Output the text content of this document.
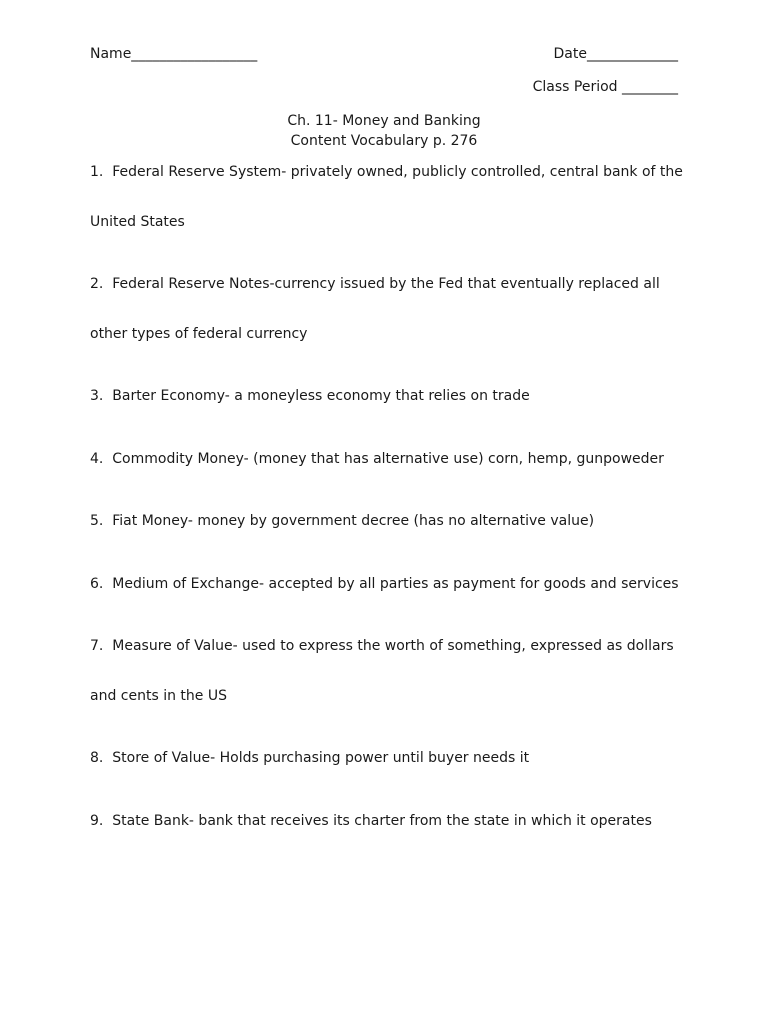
Name__________________	Date_____________
Class Period ________
Ch. 11- Money and Banking
Content Vocabulary p. 276
1.  Federal Reserve System- privately owned, publicly controlled, central bank of the
United States
2.  Federal Reserve Notes-currency issued by the Fed that eventually replaced all
other types of federal currency
3.  Barter Economy- a moneyless economy that relies on trade
4.  Commodity Money- (money that has alternative use) corn, hemp, gunpoweder
5.  Fiat Money- money by government decree (has no alternative value)
6.  Medium of Exchange- accepted by all parties as payment for goods and services
7.  Measure of Value- used to express the worth of something, expressed as dollars
and cents in the US
8.  Store of Value- Holds purchasing power until buyer needs it
9.  State Bank- bank that receives its charter from the state in which it operates
